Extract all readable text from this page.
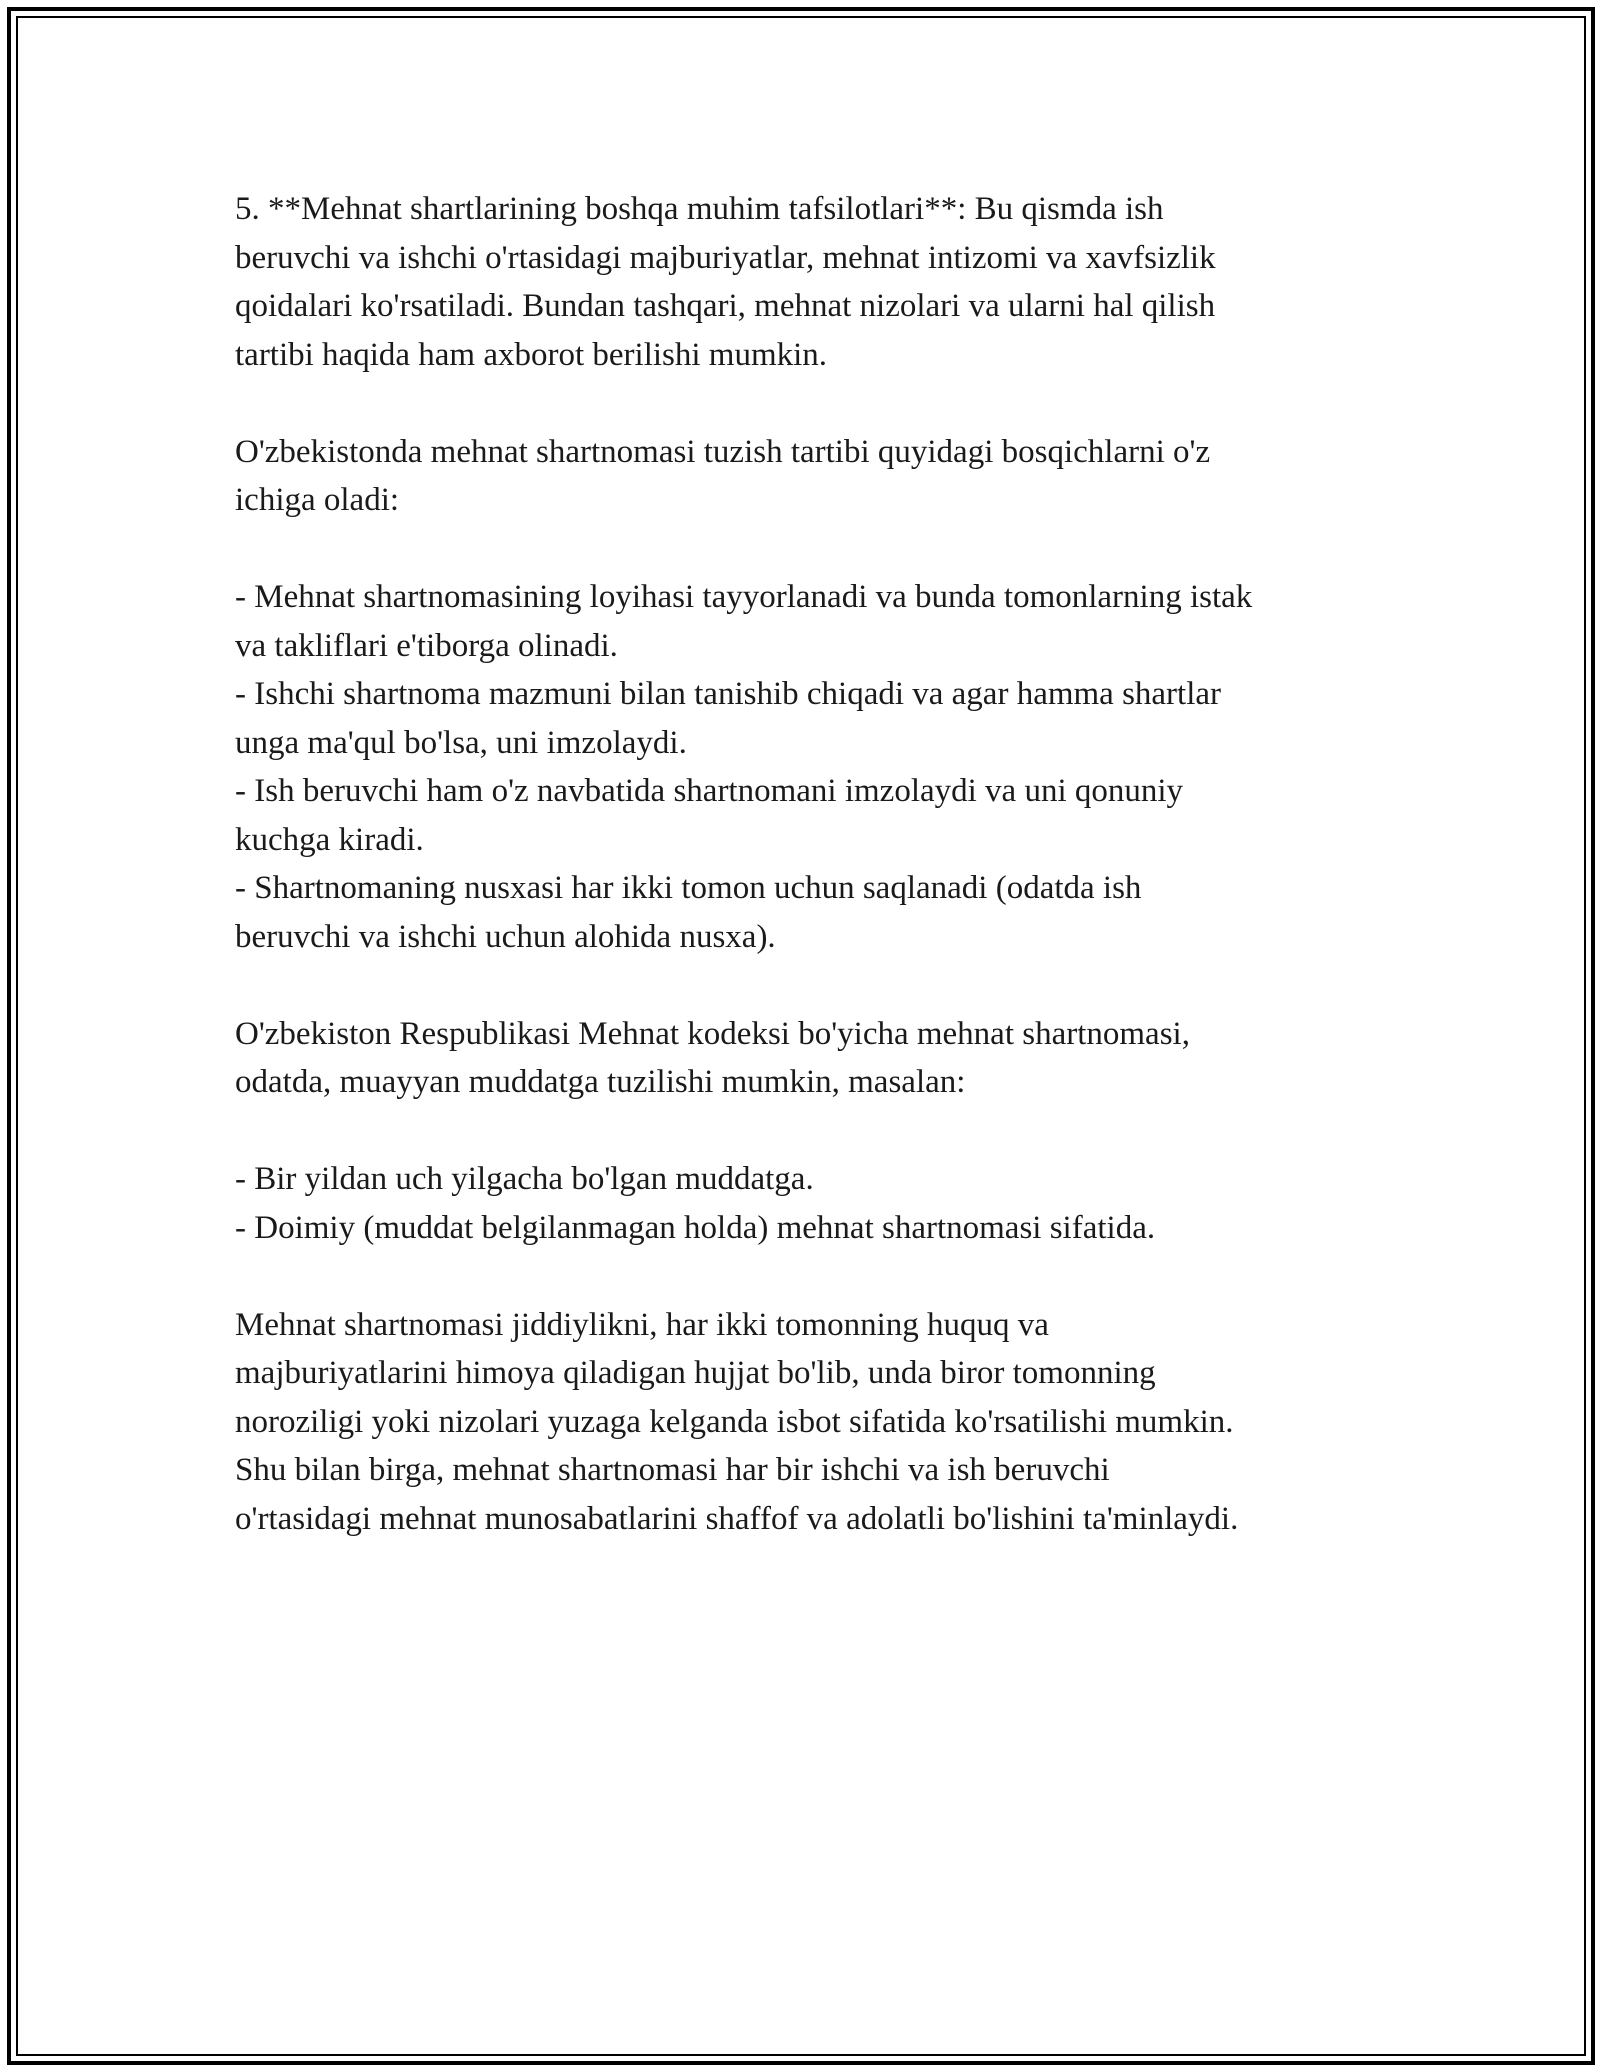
5. **Mehnat shartlarining boshqa muhim tafsilotlari**: Bu qismda ish
beruvchi va ishchi o'rtasidagi majburiyatlar, mehnat intizomi va xavfsizlik
qoidalari ko'rsatiladi. Bundan tashqari, mehnat nizolari va ularni hal qilish
tartibi haqida ham axborot berilishi mumkin.
O'zbekistonda mehnat shartnomasi tuzish tartibi quyidagi bosqichlarni o'z
ichiga oladi:
- Mehnat shartnomasining loyihasi tayyorlanadi va bunda tomonlarning istak
va takliflari e'tiborga olinadi.
- Ishchi shartnoma mazmuni bilan tanishib chiqadi va agar hamma shartlar
unga ma'qul bo'lsa, uni imzolaydi.
- Ish beruvchi ham o'z navbatida shartnomani imzolaydi va uni qonuniy
kuchga kiradi.
- Shartnomaning nusxasi har ikki tomon uchun saqlanadi (odatda ish
beruvchi va ishchi uchun alohida nusxa).
O'zbekiston Respublikasi Mehnat kodeksi bo'yicha mehnat shartnomasi,
odatda, muayyan muddatga tuzilishi mumkin, masalan:
- Bir yildan uch yilgacha bo'lgan muddatga.
- Doimiy (muddat belgilanmagan holda) mehnat shartnomasi sifatida.
Mehnat shartnomasi jiddiylikni, har ikki tomonning huquq va
majburiyatlarini himoya qiladigan hujjat bo'lib, unda biror tomonning
noroziligi yoki nizolari yuzaga kelganda isbot sifatida ko'rsatilishi mumkin.
Shu bilan birga, mehnat shartnomasi har bir ishchi va ish beruvchi
o'rtasidagi mehnat munosabatlarini shaffof va adolatli bo'lishini ta'minlaydi.
